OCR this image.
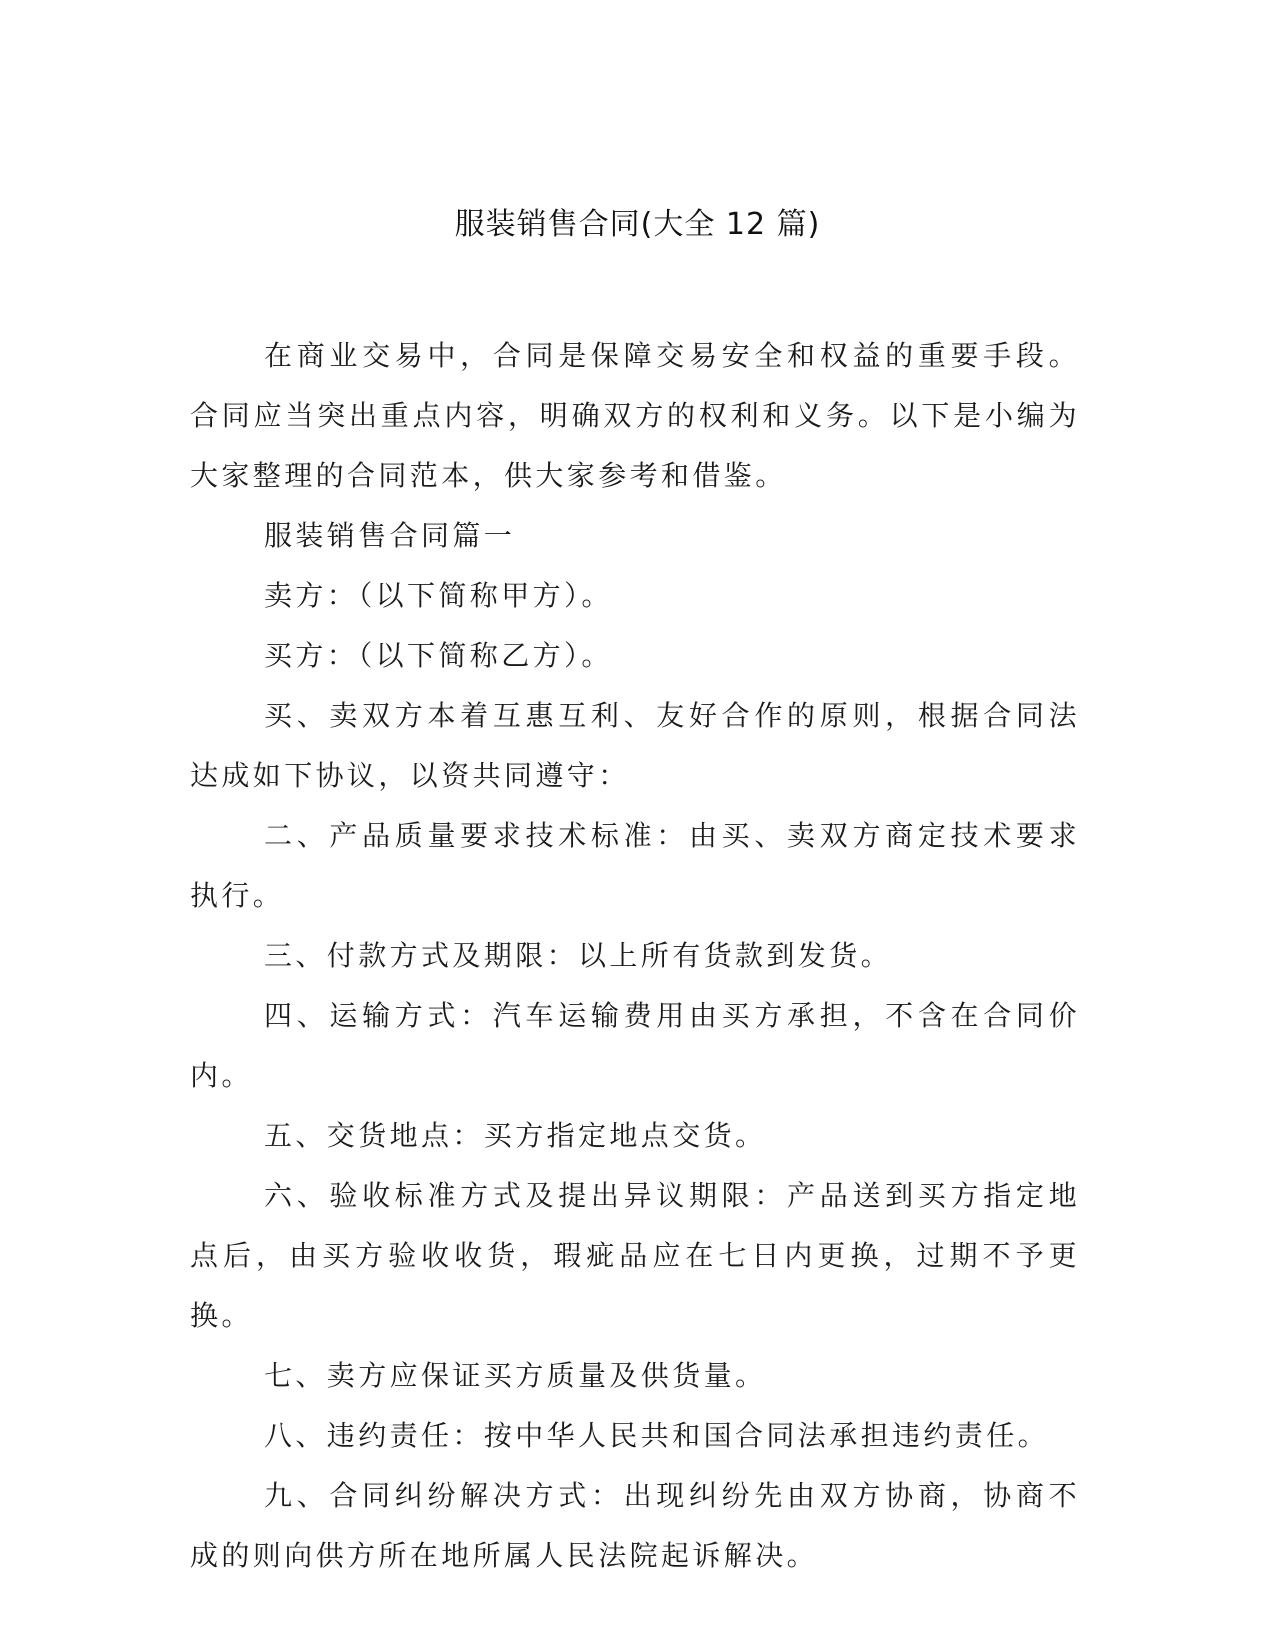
服装销售合同(大全 12 篇)

在商业交易中，合同是保障交易安全和权益的重要手段。合同应当突出重点内容，明确双方的权利和义务。以下是小编为大家整理的合同范本，供大家参考和借鉴。

服装销售合同篇一

卖方：（以下简称甲方）。

买方：（以下简称乙方）。

买、卖双方本着互惠互利、友好合作的原则，根据合同法达成如下协议，以资共同遵守：

二、产品质量要求技术标准：由买、卖双方商定技术要求执行。

三、付款方式及期限：以上所有货款到发货。

四、运输方式：汽车运输费用由买方承担，不含在合同价内。

五、交货地点：买方指定地点交货。

六、验收标准方式及提出异议期限：产品送到买方指定地点后，由买方验收收货，瑕疵品应在七日内更换，过期不予更换。

七、卖方应保证买方质量及供货量。

八、违约责任：按中华人民共和国合同法承担违约责任。

九、合同纠纷解决方式：出现纠纷先由双方协商，协商不成的则向供方所在地所属人民法院起诉解决。
